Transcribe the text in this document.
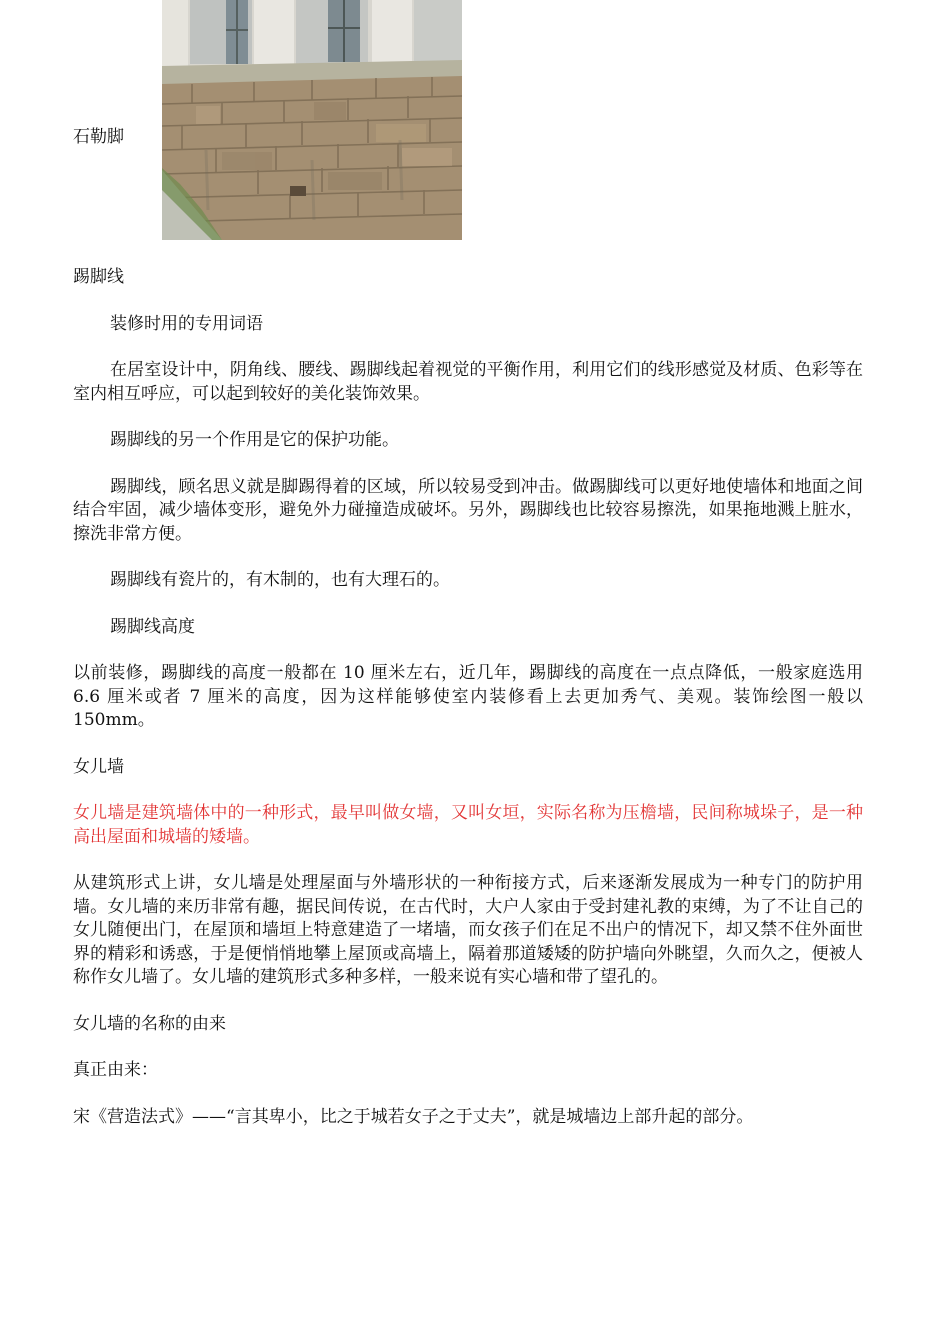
石勒脚

踢脚线

装修时用的专用词语

在居室设计中，阴角线、腰线、踢脚线起着视觉的平衡作用，利用它们的线形感觉及材质、色彩等在室内相互呼应，可以起到较好的美化装饰效果。

踢脚线的另一个作用是它的保护功能。

踢脚线，顾名思义就是脚踢得着的区域，所以较易受到冲击。做踢脚线可以更好地使墙体和地面之间结合牢固，减少墙体变形，避免外力碰撞造成破坏。另外，踢脚线也比较容易擦洗，如果拖地溅上脏水，擦洗非常方便。

踢脚线有瓷片的，有木制的，也有大理石的。

踢脚线高度

以前装修，踢脚线的高度一般都在 10 厘米左右，近几年，踢脚线的高度在一点点降低，一般家庭选用 6.6 厘米或者 7 厘米的高度，因为这样能够使室内装修看上去更加秀气、美观。装饰绘图一般以 150mm。

女儿墙

女儿墙是建筑墙体中的一种形式，最早叫做女墙，又叫女垣，实际名称为压檐墙，民间称城垛子，是一种高出屋面和城墙的矮墙。

从建筑形式上讲，女儿墙是处理屋面与外墙形状的一种衔接方式，后来逐渐发展成为一种专门的防护用墙。女儿墙的来历非常有趣，据民间传说，在古代时，大户人家由于受封建礼教的束缚，为了不让自己的女儿随便出门，在屋顶和墙垣上特意建造了一堵墙，而女孩子们在足不出户的情况下，却又禁不住外面世界的精彩和诱惑，于是便悄悄地攀上屋顶或高墙上，隔着那道矮矮的防护墙向外眺望，久而久之，便被人称作女儿墙了。女儿墙的建筑形式多种多样，一般来说有实心墙和带了望孔的。

女儿墙的名称的由来

真正由来：

宋《营造法式》——“言其卑小，比之于城若女子之于丈夫”，就是城墙边上部升起的部分。
